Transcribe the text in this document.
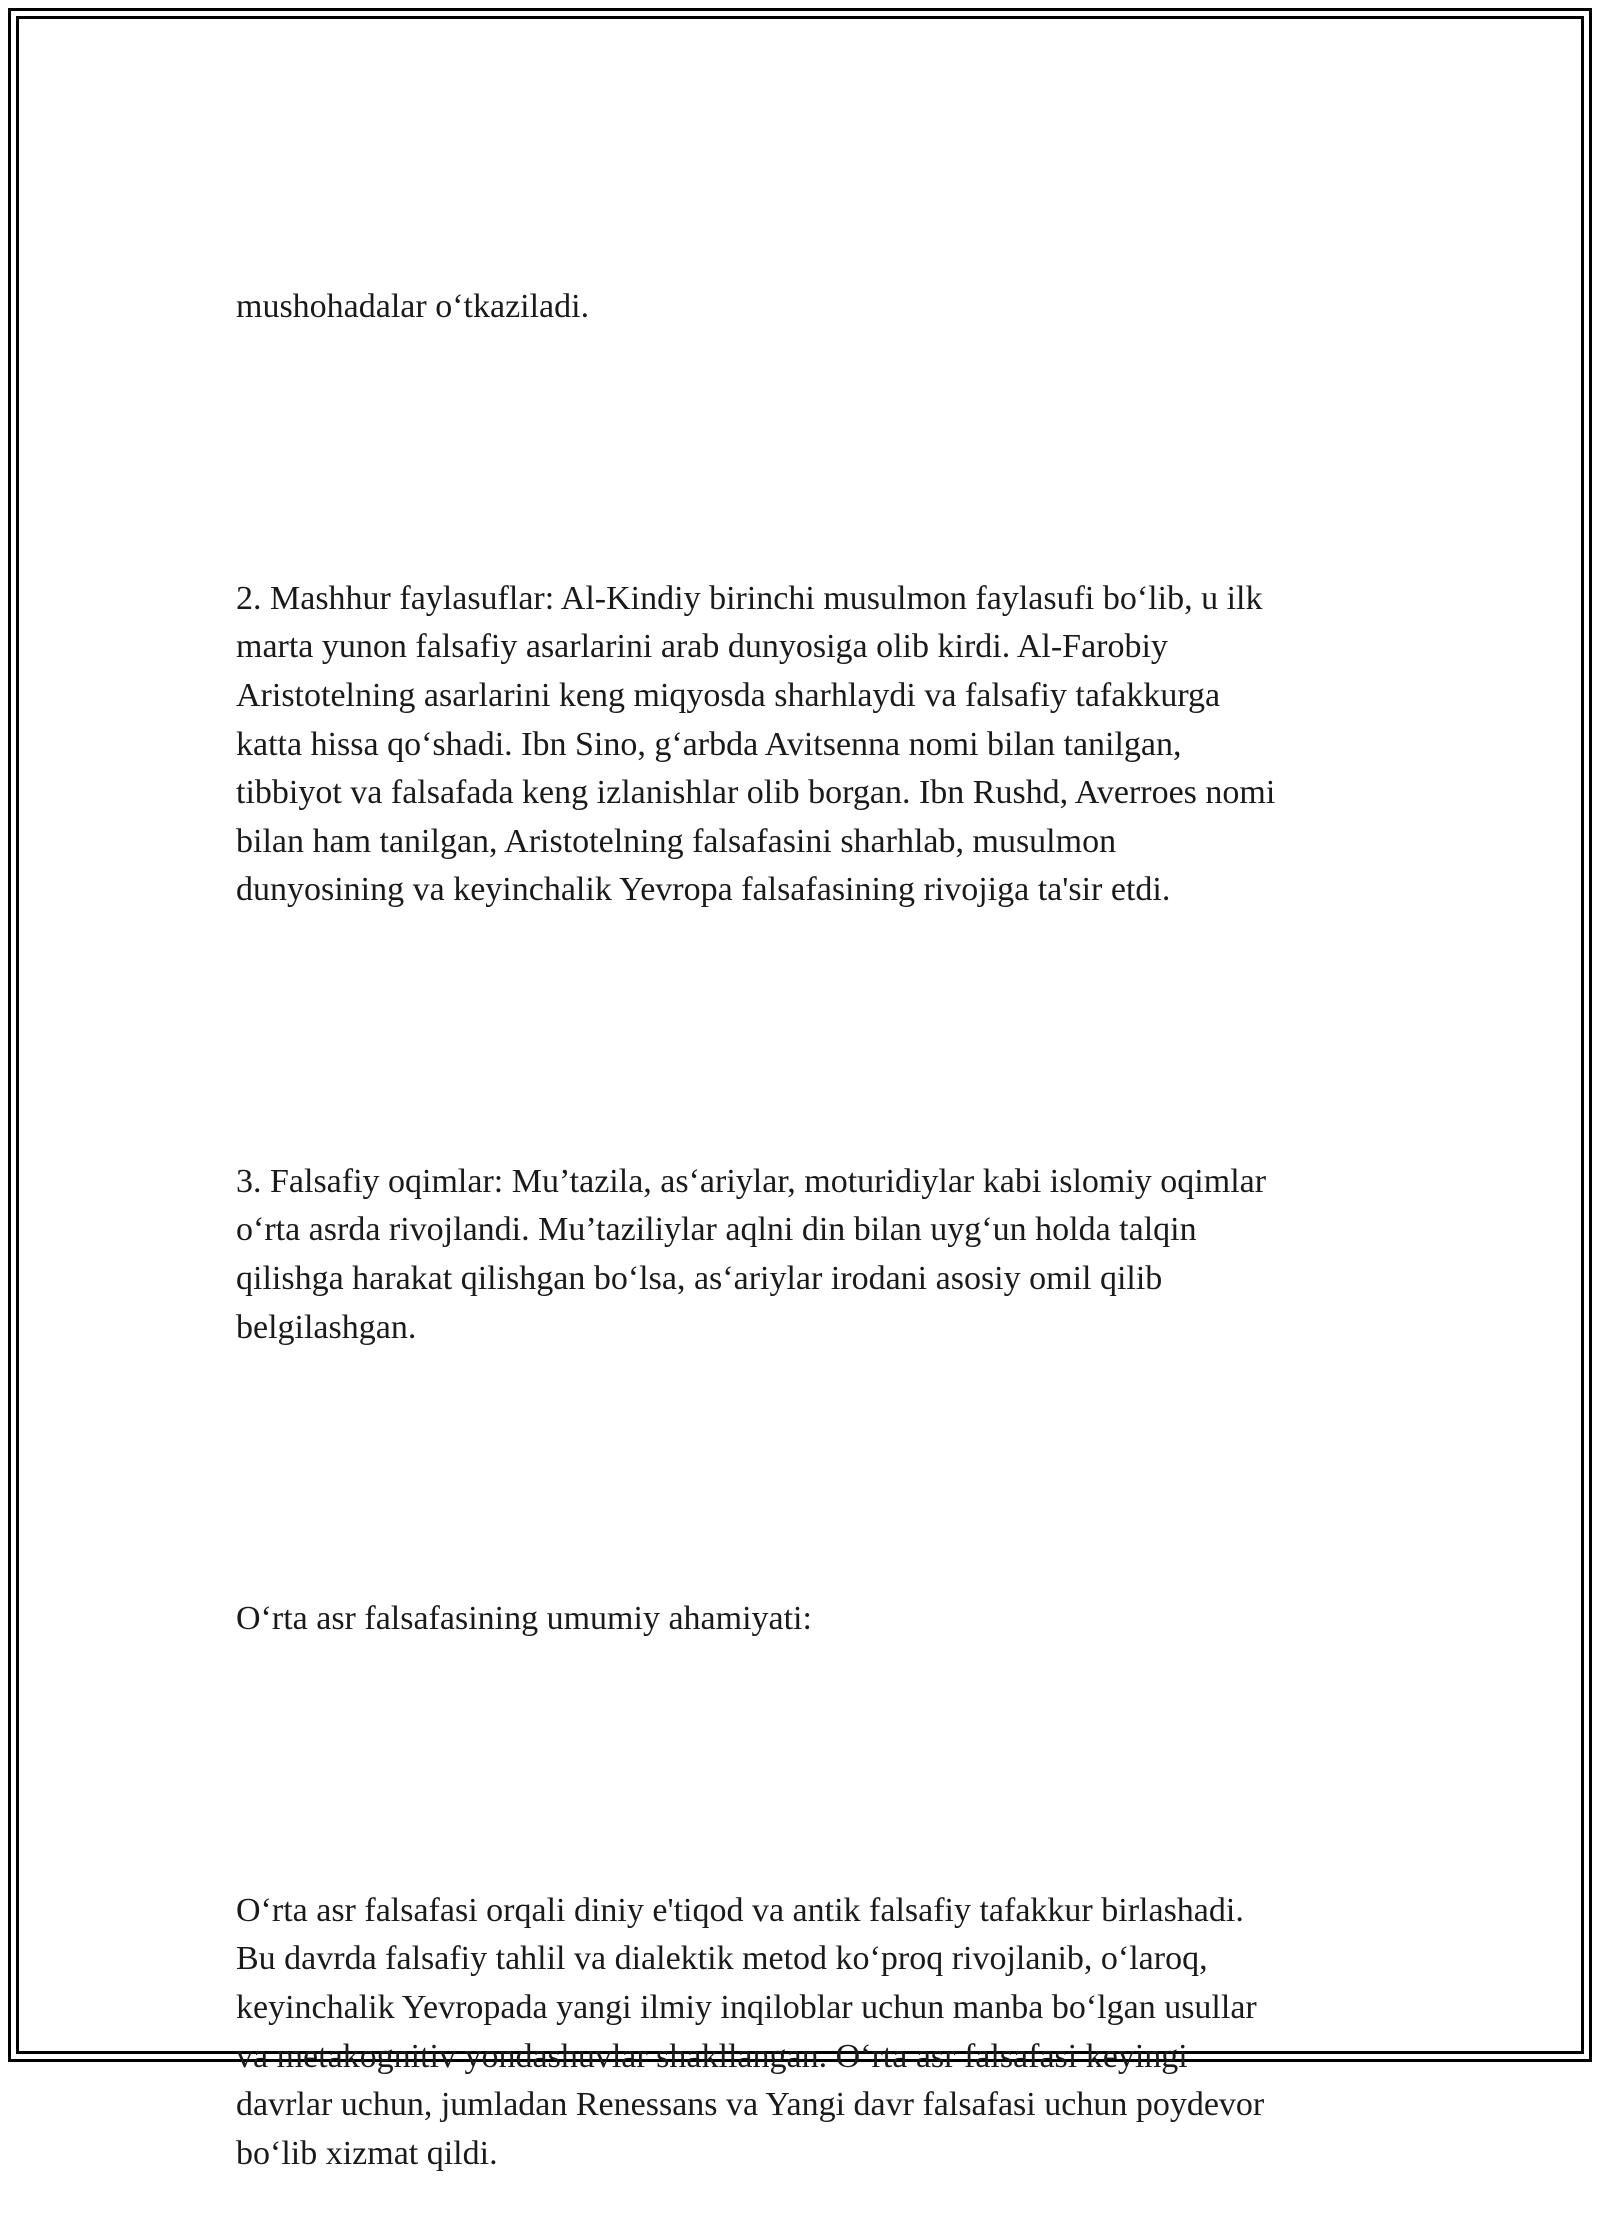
mushohadalar o‘tkaziladi.

2. Mashhur faylasuflar: Al-Kindiy birinchi musulmon faylasufi bo‘lib, u ilk
marta yunon falsafiy asarlarini arab dunyosiga olib kirdi. Al-Farobiy
Aristotelning asarlarini keng miqyosda sharhlaydi va falsafiy tafakkurga
katta hissa qo‘shadi. Ibn Sino, g‘arbda Avitsenna nomi bilan tanilgan,
tibbiyot va falsafada keng izlanishlar olib borgan. Ibn Rushd, Averroes nomi
bilan ham tanilgan, Aristotelning falsafasini sharhlab, musulmon
dunyosining va keyinchalik Yevropa falsafasining rivojiga ta'sir etdi.

3. Falsafiy oqimlar: Mu’tazila, as‘ariylar, moturidiylar kabi islomiy oqimlar
o‘rta asrda rivojlandi. Mu’taziliylar aqlni din bilan uyg‘un holda talqin
qilishga harakat qilishgan bo‘lsa, as‘ariylar irodani asosiy omil qilib
belgilashgan.

O‘rta asr falsafasining umumiy ahamiyati:

O‘rta asr falsafasi orqali diniy e'tiqod va antik falsafiy tafakkur birlashadi.
Bu davrda falsafiy tahlil va dialektik metod ko‘proq rivojlanib, o‘laroq,
keyinchalik Yevropada yangi ilmiy inqiloblar uchun manba bo‘lgan usullar
va metakognitiv yondashuvlar shakllangan. O‘rta asr falsafasi keyingi
davrlar uchun, jumladan Renessans va Yangi davr falsafasi uchun poydevor
bo‘lib xizmat qildi.
